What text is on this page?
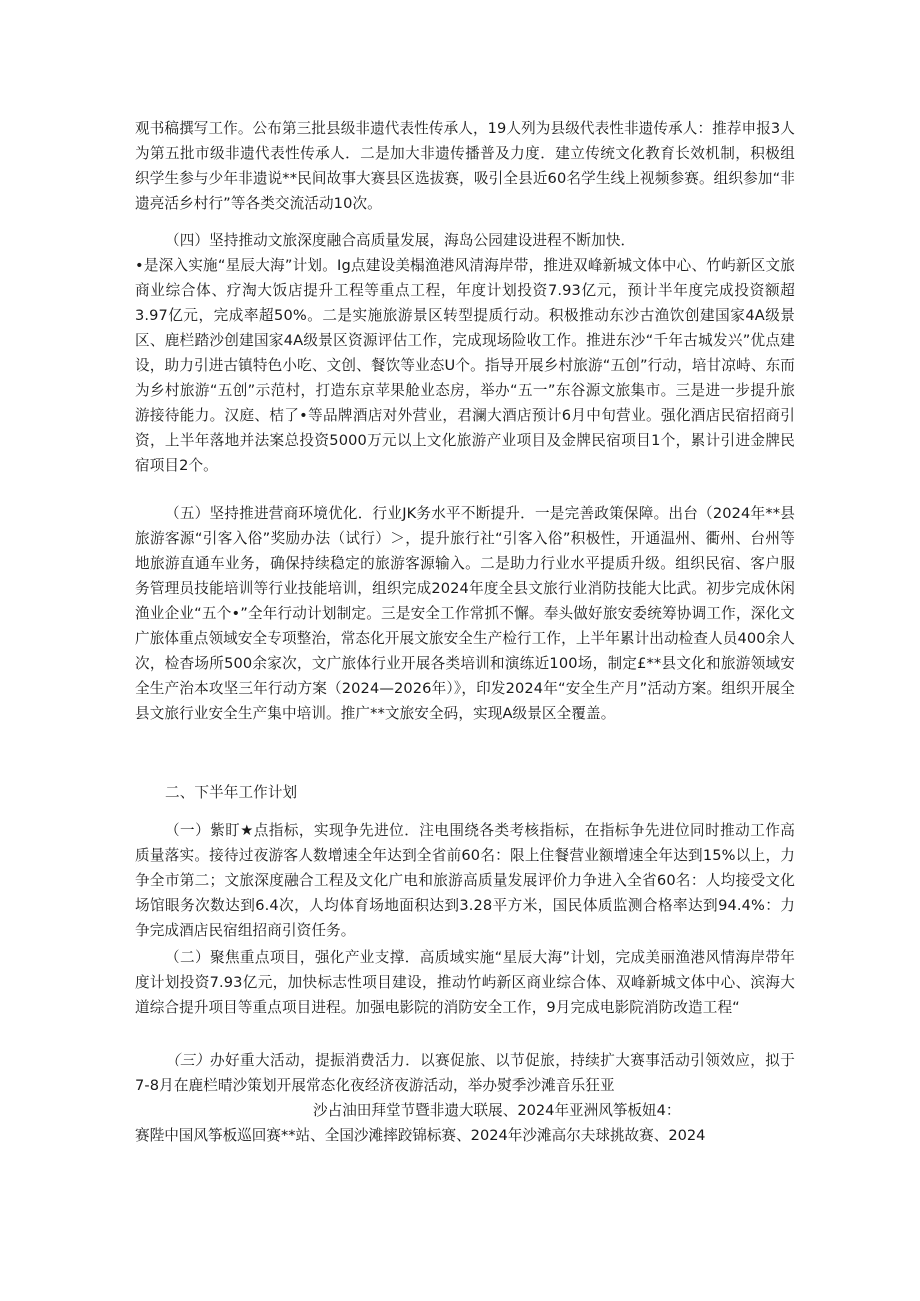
观书稿撰写工作。公布第三批县级非遗代表性传承人，19人列为县级代表性非遗传承人：推荐申报3人为第五批市级非遗代表性传承人．二是加大非遗传播普及力度．建立传统文化教育长效机制，积极组织学生参与少年非遗说**民间故事大赛县区选拔赛，吸引全县近60名学生线上视频参赛。组织参加“非遗亮活乡村行”等各类交流活动10次。

（四）坚持推动文旅深度融合高质量发展，海岛公园建设进程不断加快．
•是深入实施“星辰大海”计划。Ig点建设美榻渔港风清海岸带，推进双峰新城文体中心、竹屿新区文旅商业综合体、疗淘大饭店提升工程等重点工程，年度计划投资7.93亿元，预计半年度完成投资额超3.97亿元，完成率超50%。二是实施旅游景区转型提质行动。积极推动东沙古渔饮创建国家4A级景区、鹿栏踏沙创建国家4A级景区资源评估工作，完成现场险收工作。推进东沙“千年古城发兴”优点建设，助力引进古镇特色小吃、文创、餐饮等业态U个。指导开展乡村旅游“五创”行动，培甘凉峙、东而为乡村旅游“五创”示范村，打造东京苹果舱业态房，举办“五一”东谷源文旅集市。三是进一步提升旅游接待能力。汉庭、桔了•等品牌酒店对外营业，君澜大酒店预计6月中旬营业。强化酒店民宿招商引资，上半年落地并法案总投资5000万元以上文化旅游产业项目及金牌民宿项目1个，累计引进金牌民宿项目2个。

（五）坚持推进营商环境优化．行业JK务水平不断提升．一是完善政策保障。出台（2024年**县旅游客源“引客入俗”奖励办法（试行）＞，提升旅行社“引客入俗”积极性，开通温州、衢州、台州等地旅游直通车业务，确保持续稳定的旅游客源输入。二是助力行业水平提质升级。组织民宿、客户服务管理员技能培训等行业技能培训，组织完成2024年度全县文旅行业消防技能大比武。初步完成休闲渔业企业“五个•”全年行动计划制定。三是安全工作常抓不懈。奉头做好旅安委统筹协调工作，深化文广旅体重点领域安全专项整治，常态化开展文旅安全生产检行工作，上半年累计出动检查人员400余人次，检杳场所500余家次，文广旅体行业开展各类培训和演练近100场，制定£**县文化和旅游领域安全生产治本攻坚三年行动方案（2024—2026年）》，印发2024年“安全生产月”活动方案。组织开展全县文旅行业安全生产集中培训。推广**文旅安全码，实现A级景区全覆盖。

二、下半年工作计划

（一）紫盯★点指标，实现争先进位．注电围绕各类考核指标，在指标争先进位同时推动工作高质量落实。接待过夜游客人数增速全年达到全省前60名：限上住餐营业额增速全年达到15%以上，力争全市第二；文旅深度融合工程及文化广电和旅游高质量发展评价力争进入全省60名：人均接受文化场馆眼务次数达到6.4次，人均体育场地面积达到3.28平方米，国民体质监测合格率达到94.4%：力争完成酒店民宿组招商引资任务。

（二）聚焦重点项目，强化产业支撑．高质域实施“星辰大海”计划，完成美丽渔港风情海岸带年度计划投资7.93亿元，加快标志性项目建设，推动竹屿新区商业综合体、双峰新城文体中心、滨海大道综合提升项目等重点项目进程。加强电影院的消防安全工作，9月完成电影院消防改造工程“

（三）办好重大活动，提振消费活力．以赛促旅、以节促旅，持续扩大赛事活动引领效应，拟于7-8月在鹿栏晴沙策划开展常态化夜经济夜游活动，举办熨季沙滩音乐狂亚

沙占油田拜堂节暨非遗大联展、2024年亚洲风筝板妞4：

赛陛中国风筝板巡回赛**站、全国沙滩摔跤锦标赛、2024年沙滩高尔夫球挑故赛、2024
